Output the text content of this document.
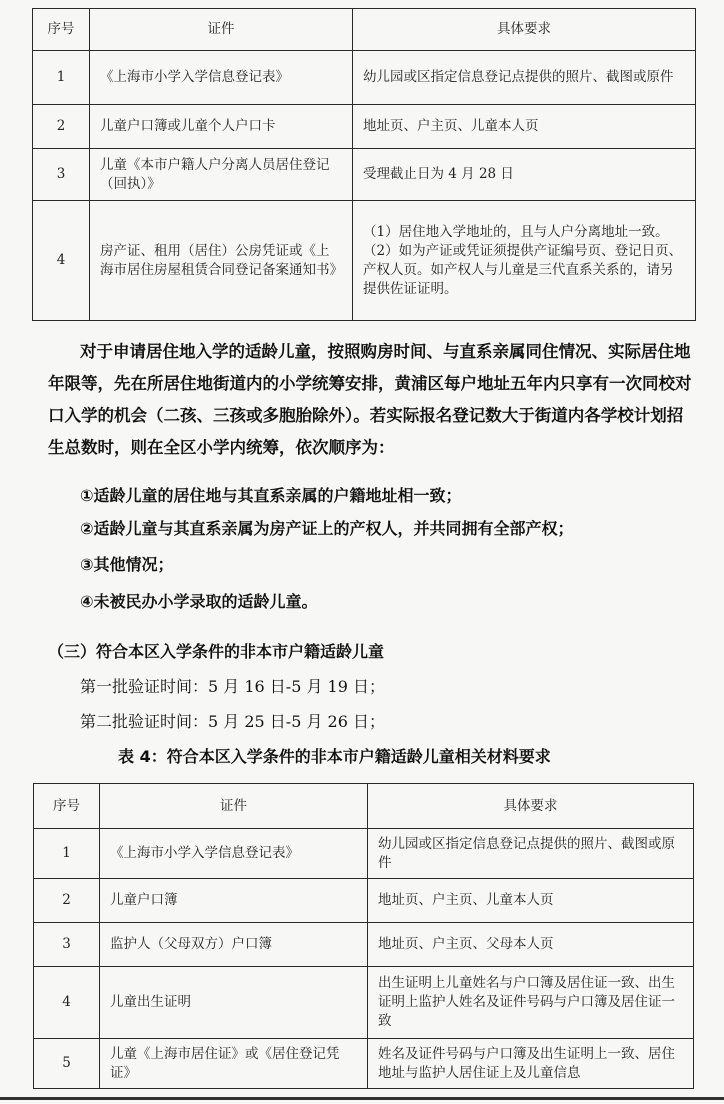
序号	证件	具体要求
1	《上海市小学入学信息登记表》	幼儿园或区指定信息登记点提供的照片、截图或原件
2	儿童户口簿或儿童个人户口卡	地址页、户主页、儿童本人页
3	儿童《本市户籍人户分离人员居住登记（回执）》	受理截止日为 4 月 28 日
4	房产证、租用（居住）公房凭证或《上海市居住房屋租赁合同登记备案通知书》	（1）居住地入学地址的，且与人户分离地址一致。（2）如为产证或凭证须提供产证编号页、登记日页、产权人页。如产权人与儿童是三代直系关系的，请另提供佐证证明。

对于申请居住地入学的适龄儿童，按照购房时间、与直系亲属同住情况、实际居住地年限等，先在所居住地街道内的小学统筹安排，黄浦区每户地址五年内只享有一次同校对口入学的机会（二孩、三孩或多胞胎除外）。若实际报名登记数大于街道内各学校计划招生总数时，则在全区小学内统筹，依次顺序为：

①适龄儿童的居住地与其直系亲属的户籍地址相一致；
②适龄儿童与其直系亲属为房产证上的产权人，并共同拥有全部产权；
③其他情况；
④未被民办小学录取的适龄儿童。
（三）符合本区入学条件的非本市户籍适龄儿童
第一批验证时间：5 月 16 日-5 月 19 日；
第二批验证时间：5 月 25 日-5 月 26 日；
表 4：符合本区入学条件的非本市户籍适龄儿童相关材料要求
序号	证件	具体要求
1	《上海市小学入学信息登记表》	幼儿园或区指定信息登记点提供的照片、截图或原件
2	儿童户口簿	地址页、户主页、儿童本人页
3	监护人（父母双方）户口簿	地址页、户主页、父母本人页
4	儿童出生证明	出生证明上儿童姓名与户口簿及居住证一致、出生证明上监护人姓名及证件号码与户口簿及居住证一致
5	儿童《上海市居住证》或《居住登记凭证》	姓名及证件号码与户口簿及出生证明上一致、居住地址与监护人居住证上及儿童信息
